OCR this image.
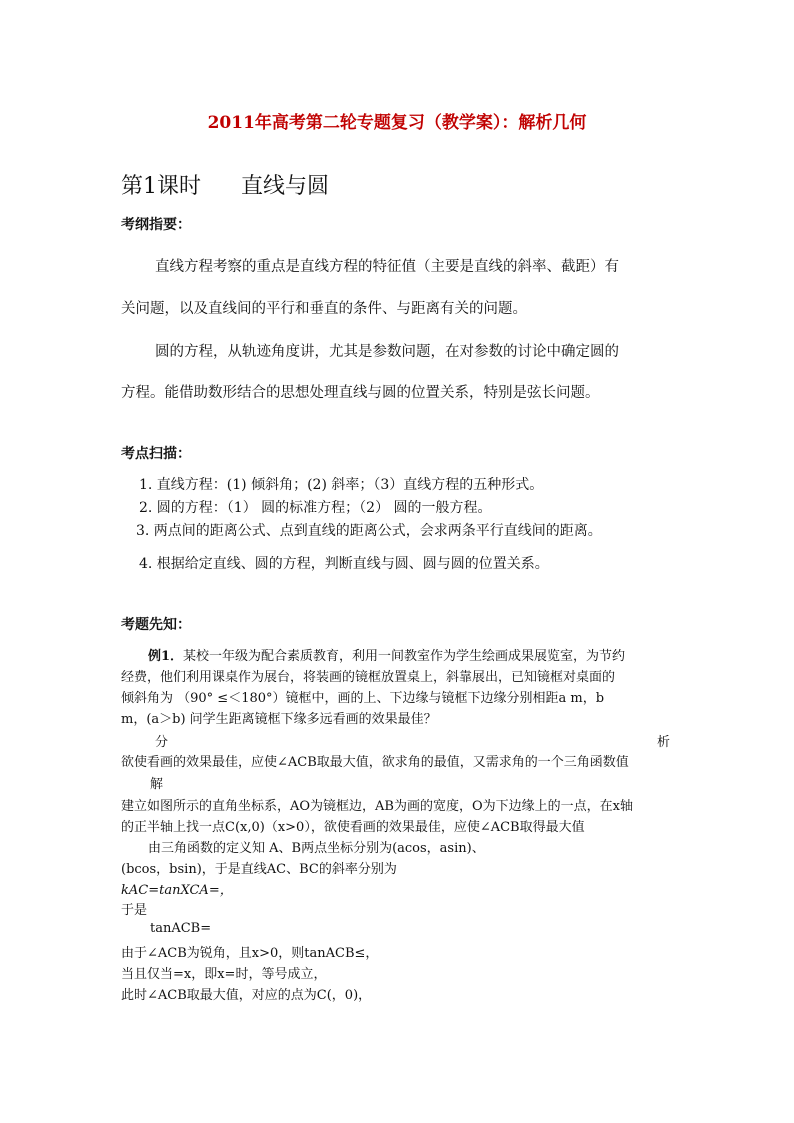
2011年高考第二轮专题复习（教学案）：解析几何
第1课时 直线与圆
考纲指要：
直线方程考察的重点是直线方程的特征值（主要是直线的斜率、截距）有
关问题，以及直线间的平行和垂直的条件、与距离有关的问题。
圆的方程，从轨迹角度讲，尤其是参数问题，在对参数的讨论中确定圆的
方程。能借助数形结合的思想处理直线与圆的位置关系，特别是弦长问题。
考点扫描：
1. 直线方程：(1) 倾斜角；(2) 斜率；（3）直线方程的五种形式。
2. 圆的方程：（1） 圆的标准方程；（2） 圆的一般方程。
3. 两点间的距离公式、点到直线的距离公式，会求两条平行直线间的距离。
4. 根据给定直线、圆的方程，判断直线与圆、圆与圆的位置关系。
考题先知：
例1．某校一年级为配合素质教育，利用一间教室作为学生绘画成果展览室，为节约
经费，他们利用课桌作为展台，将装画的镜框放置桌上，斜靠展出，已知镜框对桌面的
倾斜角为 （90° ≤＜180°）镜框中，画的上、下边缘与镜框下边缘分别相距a m，b
m，(a＞b) 问学生距离镜框下缘多远看画的效果最佳？
分	析
欲使看画的效果最佳，应使∠ACB取最大值，欲求角的最值，又需求角的一个三角函数值
解
建立如图所示的直角坐标系，AO为镜框边，AB为画的宽度，O为下边缘上的一点，在x轴
的正半轴上找一点C(x,0)（x>0），欲使看画的效果最佳，应使∠ACB取得最大值
由三角函数的定义知 A、B两点坐标分别为(acos，asin)、
(bcos，bsin)，于是直线AC、BC的斜率分别为
kAC=tanXCA=，
于是
tanACB=
由于∠ACB为锐角，且x>0，则tanACB≤，
当且仅当=x，即x=时，等号成立，
此时∠ACB取最大值，对应的点为C(，0)，
